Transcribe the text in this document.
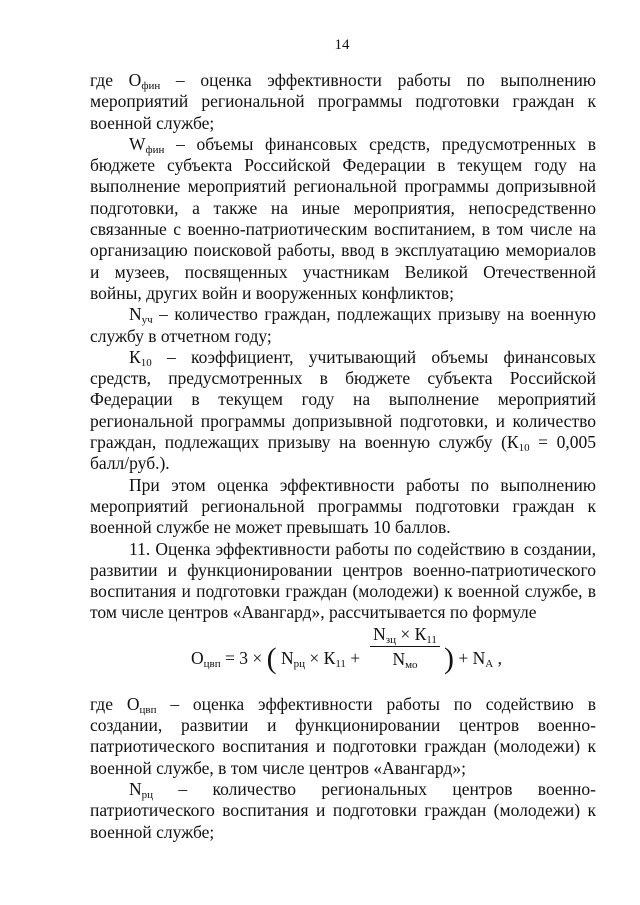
14

где $О_{фин}$ – оценка эффективности работы по выполнению мероприятий региональной программы подготовки граждан к военной службе;

$W_{фин}$ – объемы финансовых средств, предусмотренных в бюджете субъекта Российской Федерации в текущем году на выполнение мероприятий региональной программы допризывной подготовки, а также на иные мероприятия, непосредственно связанные с военно-патриотическим воспитанием, в том числе на организацию поисковой работы, ввод в эксплуатацию мемориалов и музеев, посвященных участникам Великой Отечественной войны, других войн и вооруженных конфликтов;

$N_{уч}$ – количество граждан, подлежащих призыву на военную службу в отчетном году;

$К_{10}$ – коэффициент, учитывающий объемы финансовых средств, предусмотренных в бюджете субъекта Российской Федерации в текущем году на выполнение мероприятий региональной программы допризывной подготовки, и количество граждан, подлежащих призыву на военную службу ($К_{10} = 0,005$ балл/руб.).

При этом оценка эффективности работы по выполнению мероприятий региональной программы подготовки граждан к военной службе не может превышать 10 баллов.

11. Оценка эффективности работы по содействию в создании, развитии и функционировании центров военно-патриотического воспитания и подготовки граждан (молодежи) к военной службе, в том числе центров «Авангард», рассчитывается по формуле

$О_{цвп} = 3$ × ( $N_{рц} \times К_{11}$ +
$N_{зц} \times К_{11}$
$N_{мо}$ ) + $N_А$ ,

где $О_{цвп}$ – оценка эффективности работы по содействию в создании, развитии и функционировании центров военно-патриотического воспитания и подготовки граждан (молодежи) к военной службе, в том числе центров «Авангард»;

$N_{рц}$ – количество региональных центров военно-патриотического воспитания и подготовки граждан (молодежи) к военной службе;
